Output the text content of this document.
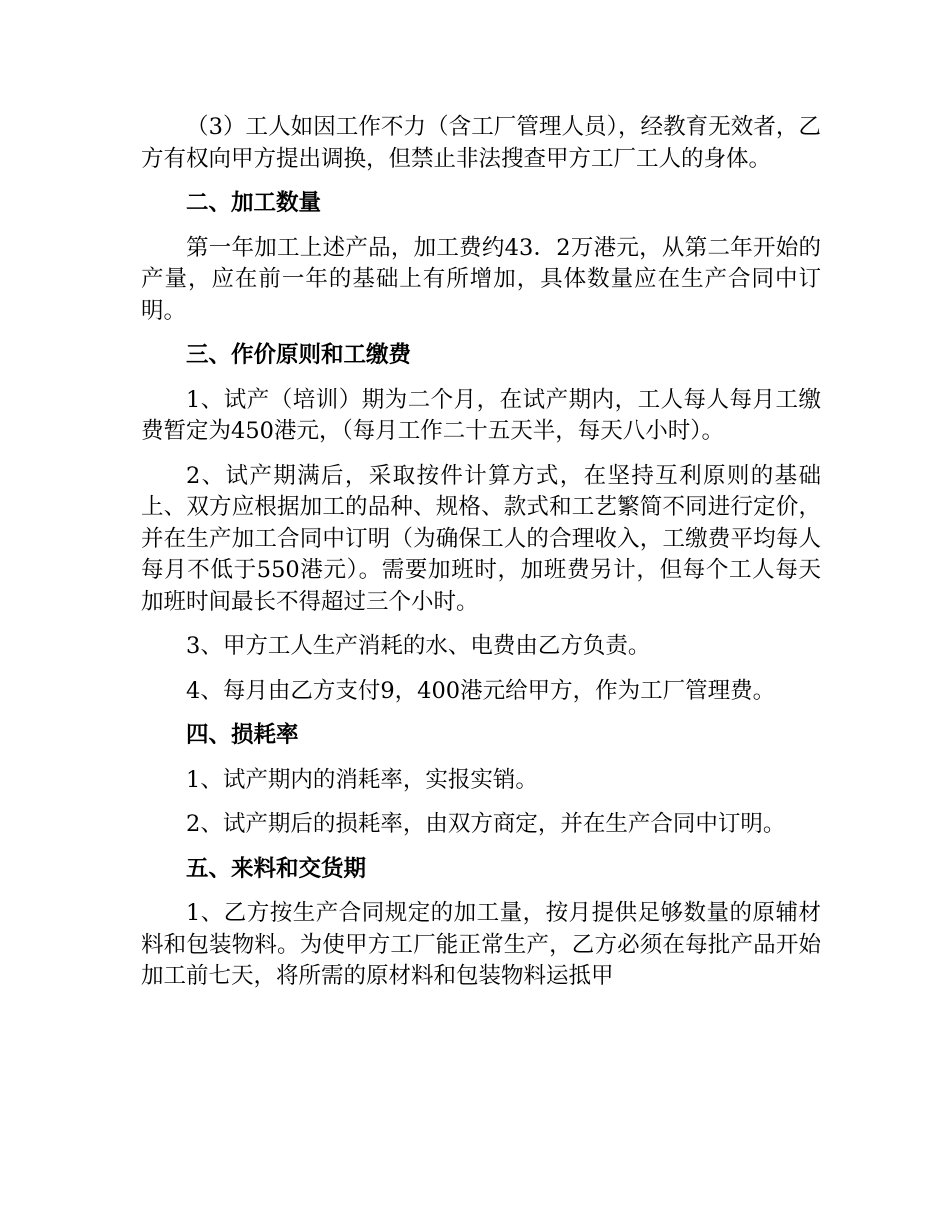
（3）工人如因工作不力（含工厂管理人员），经教育无效者，乙方有权向甲方提出调换，但禁止非法搜查甲方工厂工人的身体。

二、加工数量

第一年加工上述产品，加工费约43．2万港元，从第二年开始的产量，应在前一年的基础上有所增加，具体数量应在生产合同中订明。

三、作价原则和工缴费

1、试产（培训）期为二个月，在试产期内，工人每人每月工缴费暂定为450港元，（每月工作二十五天半，每天八小时）。

2、试产期满后，采取按件计算方式，在坚持互利原则的基础上、双方应根据加工的品种、规格、款式和工艺繁简不同进行定价，并在生产加工合同中订明（为确保工人的合理收入，工缴费平均每人每月不低于550港元）。需要加班时，加班费另计，但每个工人每天加班时间最长不得超过三个小时。

3、甲方工人生产消耗的水、电费由乙方负责。

4、每月由乙方支付9，400港元给甲方，作为工厂管理费。

四、损耗率

1、试产期内的消耗率，实报实销。

2、试产期后的损耗率，由双方商定，并在生产合同中订明。

五、来料和交货期

1、乙方按生产合同规定的加工量，按月提供足够数量的原辅材料和包装物料。为使甲方工厂能正常生产，乙方必须在每批产品开始加工前七天，将所需的原材料和包装物料运抵甲
